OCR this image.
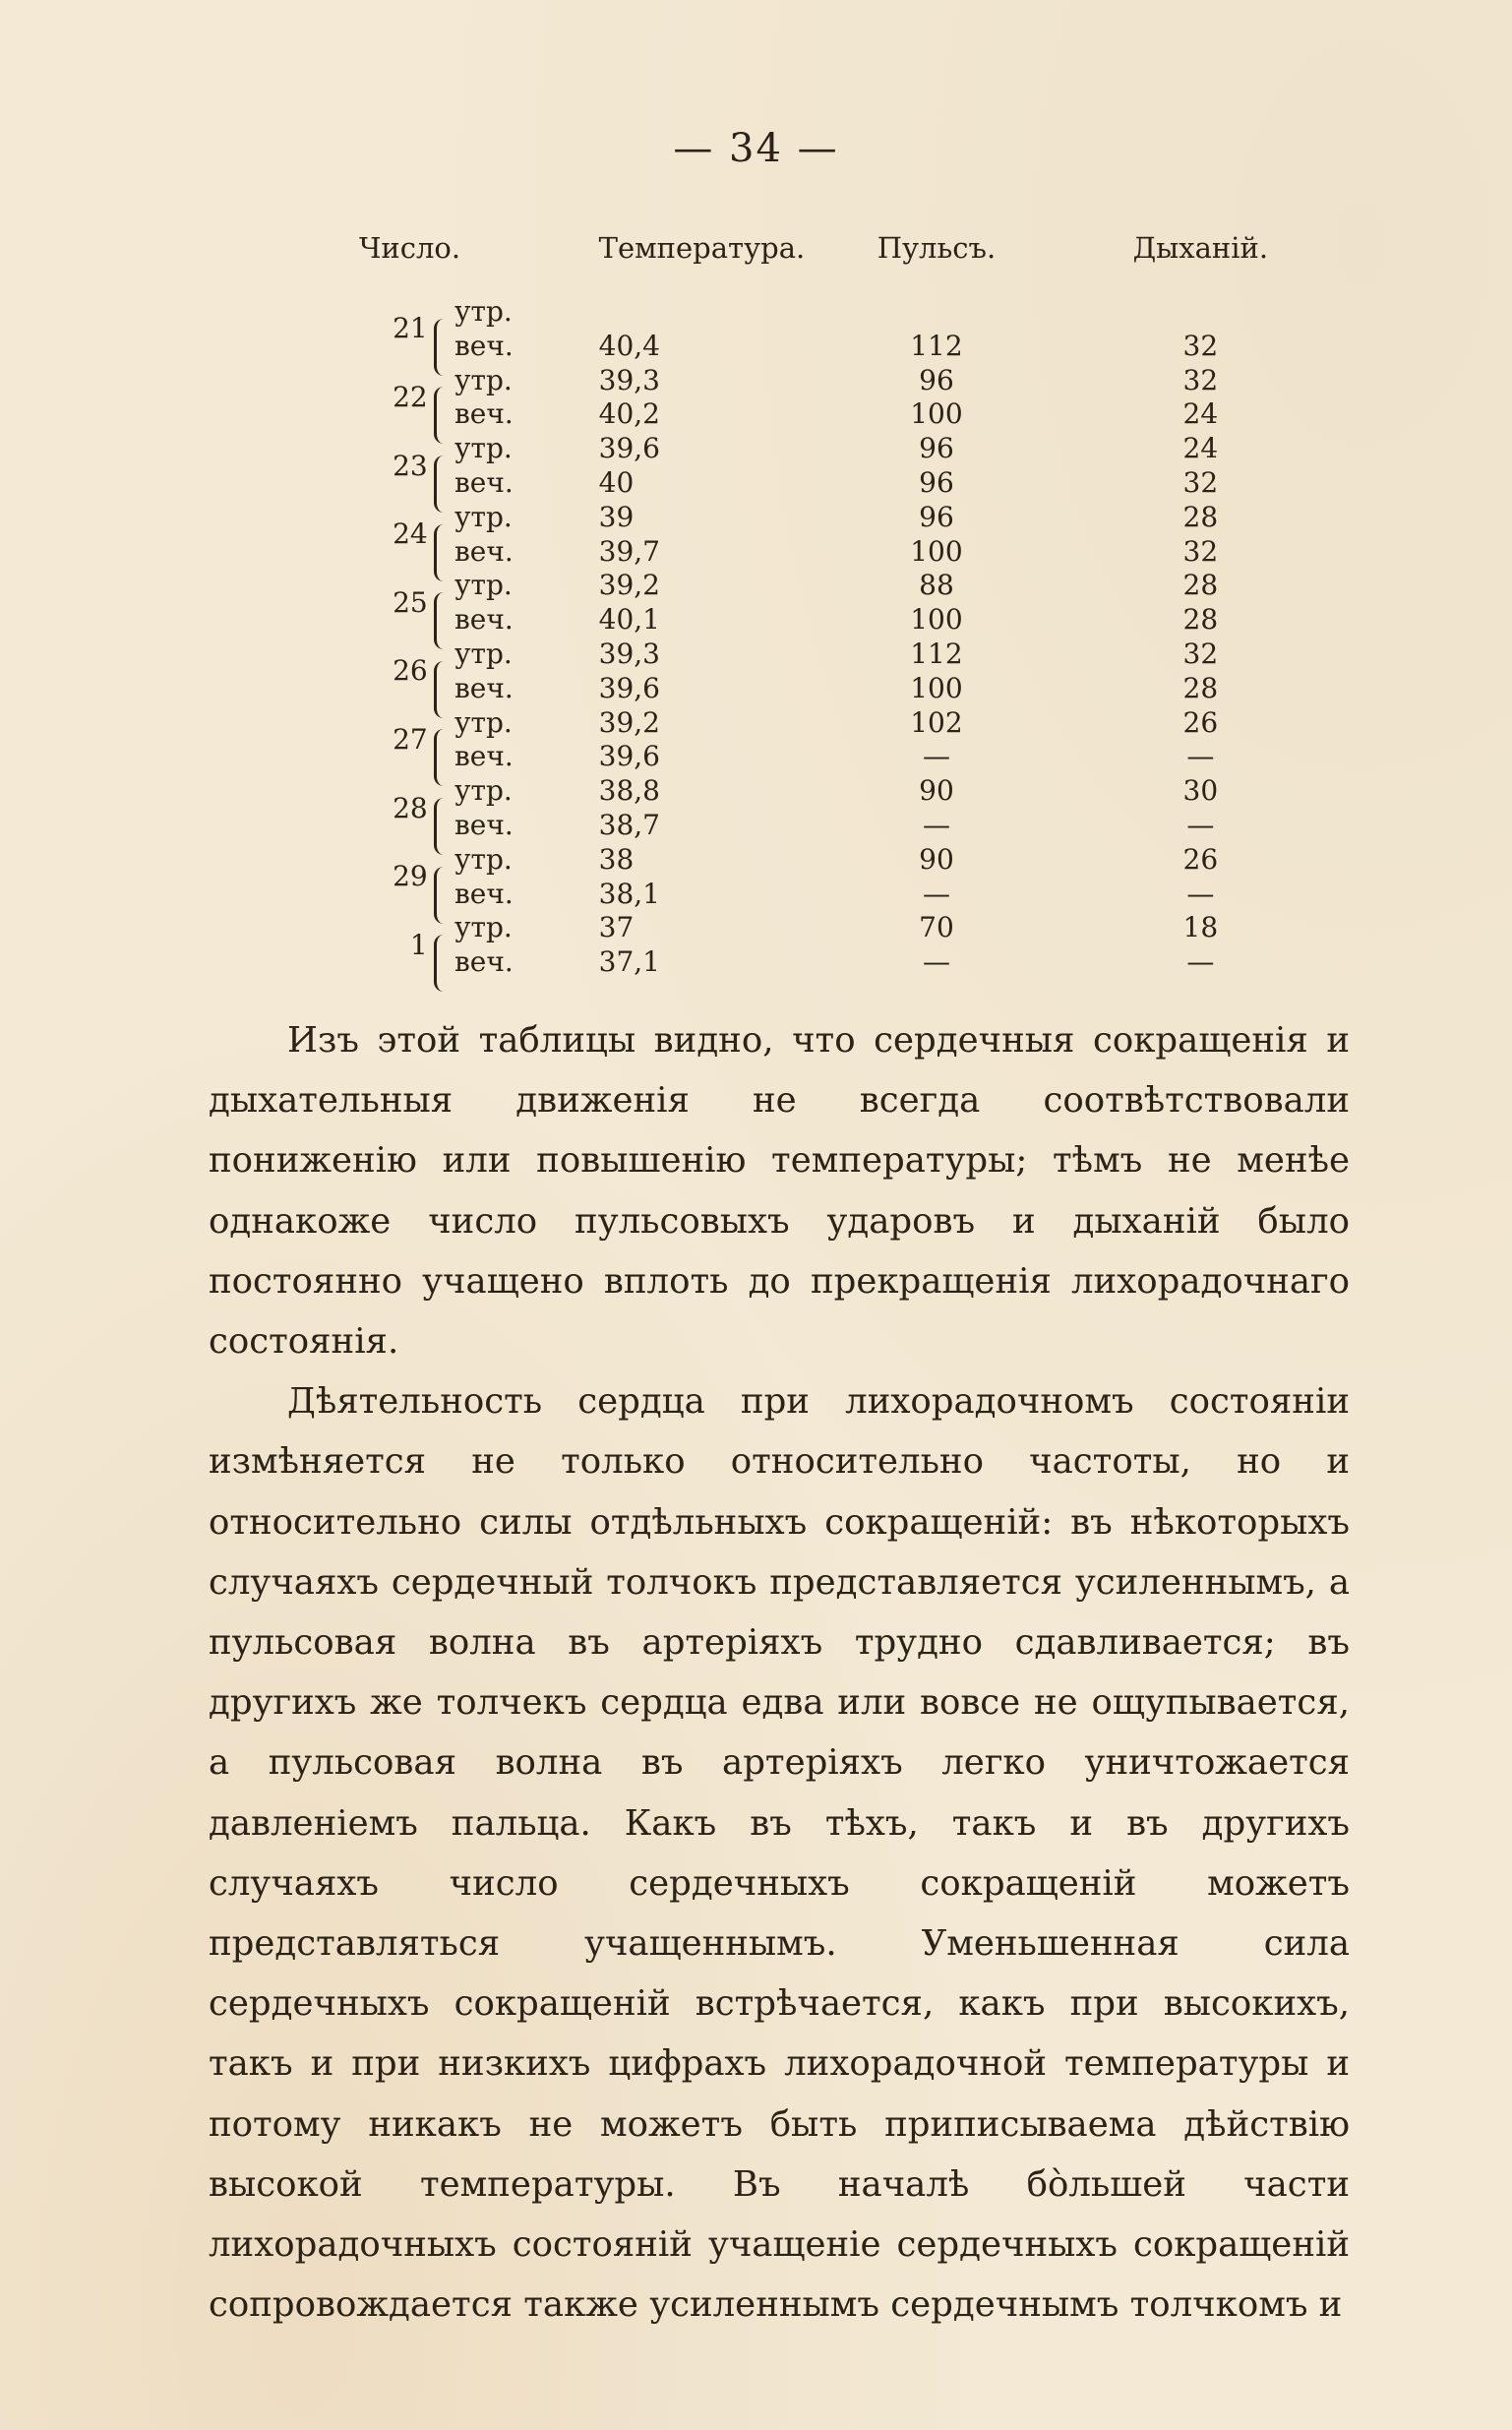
— 34 —
Число.			Температура.	Пульсъ.	Дыханій.
21		утр.			
		веч.	40,4	112	32
22		утр.	39,3	96	32
		веч.	40,2	100	24
23		утр.	39,6	96	24
		веч.	40	96	32
24		утр.	39	96	28
		веч.	39,7	100	32
25		утр.	39,2	88	28
		веч.	40,1	100	28
26		утр.	39,3	112	32
		веч.	39,6	100	28
27		утр.	39,2	102	26
		веч.	39,6	—	—
28		утр.	38,8	90	30
		веч.	38,7	—	—
29		утр.	38	90	26
		веч.	38,1	—	—
1		утр.	37	70	18
		веч.	37,1	—	—

Изъ этой таблицы видно, что сердечныя сокращенія и дыхательныя движенія не всегда соотвѣтствовали пониженію или повышенію температуры; тѣмъ не менѣе однакоже число пульсовыхъ ударовъ и дыханій было постоянно учащено вплоть до прекращенія лихорадочнаго состоянія.

Дѣятельность сердца при лихорадочномъ состояніи измѣняется не только относительно частоты, но и относительно силы отдѣльныхъ сокращеній: въ нѣкоторыхъ случаяхъ сердечный толчокъ представляется усиленнымъ, а пульсовая волна въ артеріяхъ трудно сдавливается; въ другихъ же толчекъ сердца едва или вовсе не ощупывается, а пульсовая волна въ артеріяхъ легко уничтожается давленіемъ пальца. Какъ въ тѣхъ, такъ и въ другихъ случаяхъ число сердечныхъ сокращеній можетъ представляться учащеннымъ. Уменьшенная сила сердечныхъ сокращеній встрѣчается, какъ при высокихъ, такъ и при низкихъ цифрахъ лихорадочной температуры и потому никакъ не можетъ быть приписываема дѣйствію высокой температуры. Въ началѣ бо̀льшей части лихорадочныхъ состояній учащеніе сердечныхъ сокращеній сопровождается также усиленнымъ сердечнымъ толчкомъ и
